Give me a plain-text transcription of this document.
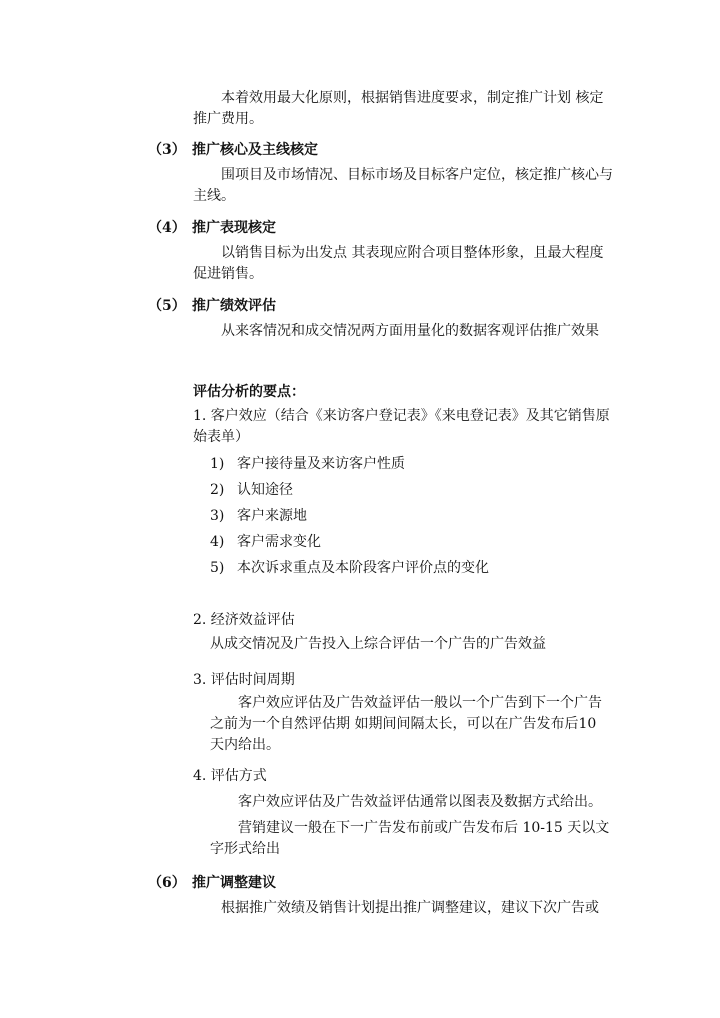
本着效用最大化原则，根据销售进度要求，制定推广计划 核定推广费用。

（3） 推广核心及主线核定

围项目及市场情况、目标市场及目标客户定位，核定推广核心与主线。

（4） 推广表现核定

以销售目标为出发点 其表现应附合项目整体形象，且最大程度促进销售。

（5） 推广绩效评估

从来客情况和成交情况两方面用量化的数据客观评估推广效果

评估分析的要点：

1. 客户效应（结合《来访客户登记表》《来电登记表》及其它销售原始表单）

1) 客户接待量及来访客户性质

2) 认知途径

3) 客户来源地

4) 客户需求变化

5) 本次诉求重点及本阶段客户评价点的变化

2. 经济效益评估

从成交情况及广告投入上综合评估一个广告的广告效益

3. 评估时间周期

客户效应评估及广告效益评估一般以一个广告到下一个广告之前为一个自然评估期 如期间间隔太长，可以在广告发布后10 天内给出。

4. 评估方式

客户效应评估及广告效益评估通常以图表及数据方式给出。

营销建议一般在下一广告发布前或广告发布后 10-15 天以文字形式给出

（6） 推广调整建议

根据推广效绩及销售计划提出推广调整建议，建议下次广告或
